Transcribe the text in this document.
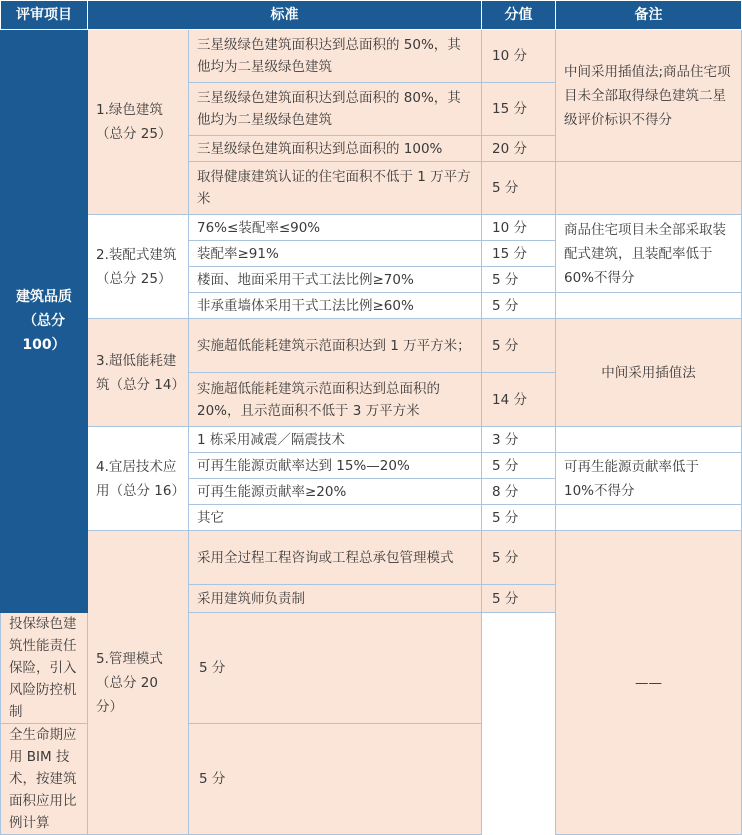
评审项目	标准		分值	备注
建筑品质
（总分
100）	1.绿色建筑（总分 25）	三星级绿色建筑面积达到总面积的 50%，其他均为二星级绿色建筑	10 分	中间采用插值法;商品住宅项目未全部取得绿色建筑二星级评价标识不得分
		三星级绿色建筑面积达到总面积的 80%，其他均为二星级绿色建筑	15 分	
		三星级绿色建筑面积达到总面积的 100%	20 分	
		取得健康建筑认证的住宅面积不低于 1 万平方米	5 分	
	2.装配式建筑（总分 25）	76%≤装配率≤90%	10 分	商品住宅项目未全部采取装配式建筑，且装配率低于 60%不得分
		装配率≥91%	15 分	
		楼面、地面采用干式工法比例≥70%	5 分	
		非承重墙体采用干式工法比例≥60%	5 分	
	3.超低能耗建筑（总分 14）	实施超低能耗建筑示范面积达到 1 万平方米；	5 分	中间采用插值法
		实施超低能耗建筑示范面积达到总面积的 20%，且示范面积不低于 3 万平方米	14 分	
	4.宜居技术应用（总分 16）	1 栋采用减震／隔震技术	3 分	
		可再生能源贡献率达到 15%—20%	5 分	可再生能源贡献率低于 10%不得分
		可再生能源贡献率≥20%	8 分	
		其它	5 分	
	5.管理模式（总分 20 分）	采用全过程工程咨询或工程总承包管理模式	5 分	——
		采用建筑师负责制	5 分	
投保绿色建筑性能责任保险，引入风险防控机制		5 分		
全生命期应用 BIM 技术，按建筑面积应用比例计算		5 分		
